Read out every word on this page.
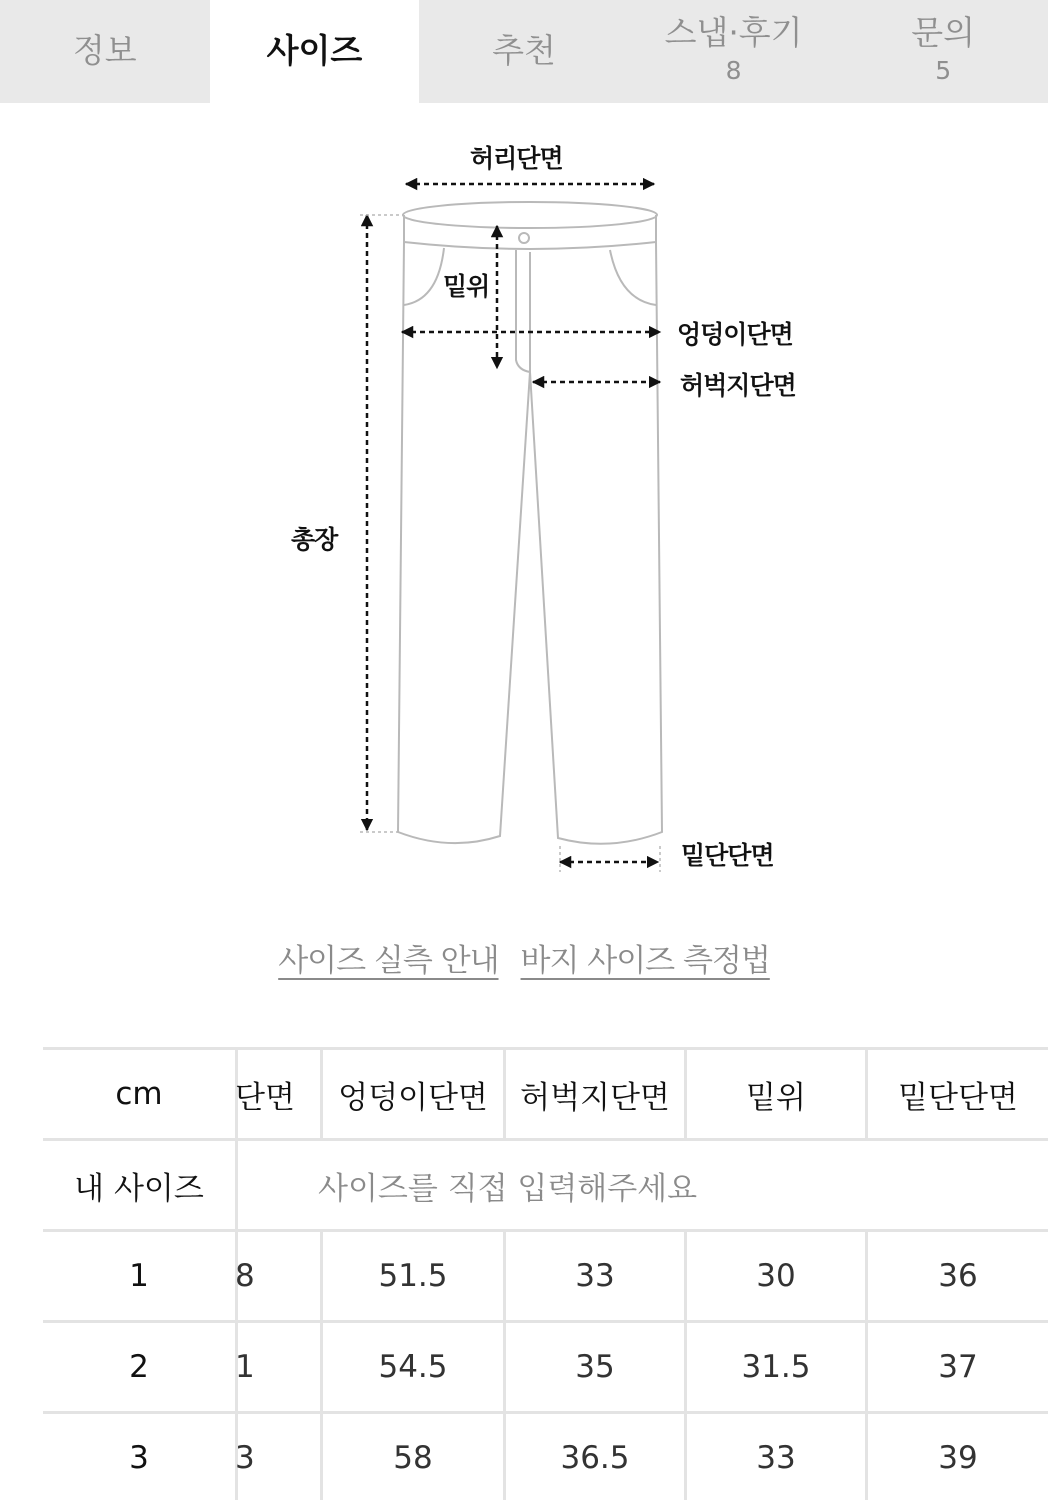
정보	사이즈	추천	스냅·후기
8
문의
5
허리단면
밑위
엉덩이단면
허벅지단면
총장
밑단단면
사이즈 실측 안내 바지 사이즈 측정법
cm	단면	엉덩이단면	허벅지단면	밑위	밑단단면
내 사이즈	사이즈를 직접 입력해주세요
1	8	51.5	33	30	36
2	1	54.5	35	31.5	37
3	3	58	36.5	33	39
